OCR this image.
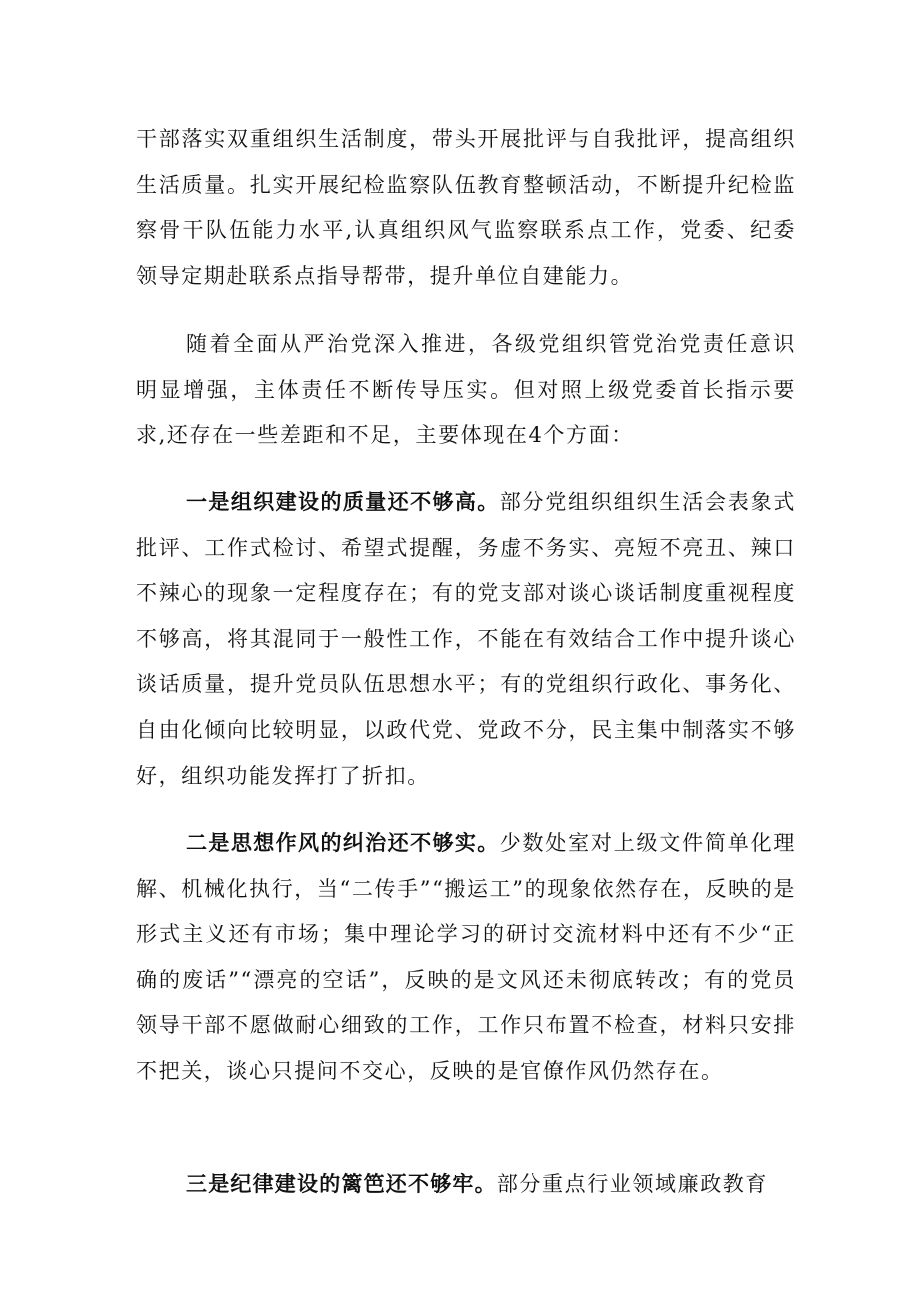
干部落实双重组织生活制度，带头开展批评与自我批评，提高组织生活质量。扎实开展纪检监察队伍教育整顿活动，不断提升纪检监察骨干队伍能力水平,认真组织风气监察联系点工作，党委、纪委领导定期赴联系点指导帮带，提升单位自建能力。

随着全面从严治党深入推进，各级党组织管党治党责任意识明显增强，主体责任不断传导压实。但对照上级党委首长指示要求,还存在一些差距和不足，主要体现在4个方面：

一是组织建设的质量还不够高。部分党组织组织生活会表象式批评、工作式检讨、希望式提醒，务虚不务实、亮短不亮丑、辣口不辣心的现象一定程度存在；有的党支部对谈心谈话制度重视程度不够高，将其混同于一般性工作，不能在有效结合工作中提升谈心谈话质量，提升党员队伍思想水平；有的党组织行政化、事务化、自由化倾向比较明显，以政代党、党政不分，民主集中制落实不够好，组织功能发挥打了折扣。

二是思想作风的纠治还不够实。少数处室对上级文件简单化理解、机械化执行，当“二传手”“搬运工”的现象依然存在，反映的是形式主义还有市场；集中理论学习的研讨交流材料中还有不少“正确的废话”“漂亮的空话”，反映的是文风还未彻底转改；有的党员领导干部不愿做耐心细致的工作，工作只布置不检查，材料只安排不把关，谈心只提问不交心，反映的是官僚作风仍然存在。

三是纪律建设的篱笆还不够牢。部分重点行业领域廉政教育
